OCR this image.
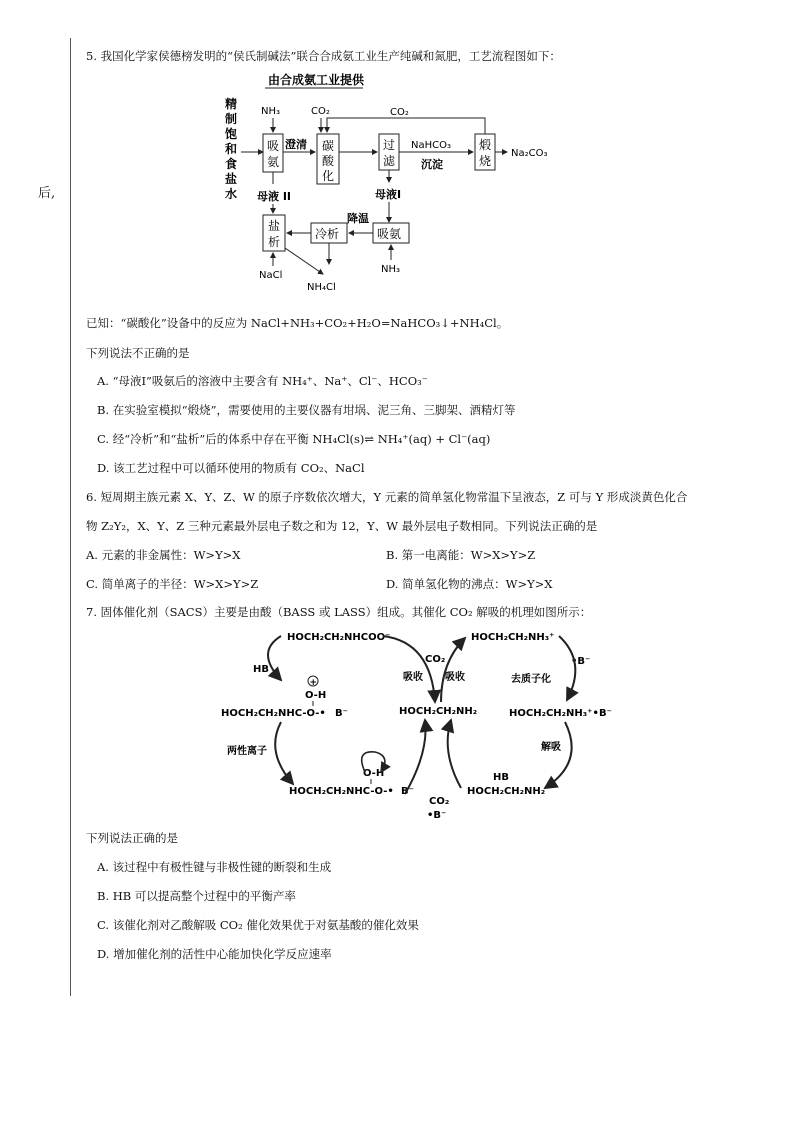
后,
5. 我国化学家侯德榜发明的“侯氏制碱法”联合合成氨工业生产纯碱和氮肥，工艺流程图如下：
由合成氨工业提供
精
制
饱
和
食
盐
水
NH₃	CO₂	CO₂
吸
氨
澄清 碳
酸
化
过
滤
NaHCO₃
沉淀
煅
烧
Na₂CO₃
母液 II	母液I
盐
析
冷析	吸氨
降温
NaCl
NH₄Cl
NH₃
已知：“碳酸化”设备中的反应为 NaCl+NH₃+CO₂+H₂O=NaHCO₃↓+NH₄Cl。
下列说法不正确的是
A. “母液Ⅰ”吸氨后的溶液中主要含有 NH₄⁺、Na⁺、Cl⁻、HCO₃⁻
B. 在实验室模拟“煅烧”，需要使用的主要仪器有坩埚、泥三角、三脚架、酒精灯等
C. 经“冷析”和“盐析”后的体系中存在平衡 NH₄Cl(s)⇌ NH₄⁺(aq) + Cl⁻(aq)
D. 该工艺过程中可以循环使用的物质有 CO₂、NaCl
6. 短周期主族元素 X、Y、Z、W 的原子序数依次增大，Y 元素的简单氢化物常温下呈液态，Z 可与 Y 形成淡黄色化合
物 Z₂Y₂，X、Y、Z 三种元素最外层电子数之和为 12，Y、W 最外层电子数相同。下列说法正确的是
A. 元素的非金属性：W>Y>X	B. 第一电离能：W>X>Y>Z
C. 简单离子的半径：W>X>Y>Z	D. 简单氢化物的沸点：W>Y>X
7. 固体催化剂（SACS）主要是由酸（BASS 或 LASS）组成。其催化 CO₂ 解吸的机理如图所示：
HOCH₂CH₂NHCOO⁻	HOCH₂CH₂NH₃⁺
CO₂
吸收 吸收
HB
•B⁻
去质子化
O-H
HOCH₂CH₂NHC-O-• B⁻	HOCH₂CH₂NH₂	HOCH₂CH₂NH₃⁺• B⁻
两性离子	解吸
O-H
HOCH₂CH₂NHC-O-• B⁻
CO₂
•B⁻
HB
HOCH₂CH₂NH₂
+
下列说法正确的是
A. 该过程中有极性键与非极性键的断裂和生成
B. HB 可以提高整个过程中的平衡产率
C. 该催化剂对乙酸解吸 CO₂ 催化效果优于对氨基酸的催化效果
D. 增加催化剂的活性中心能加快化学反应速率
